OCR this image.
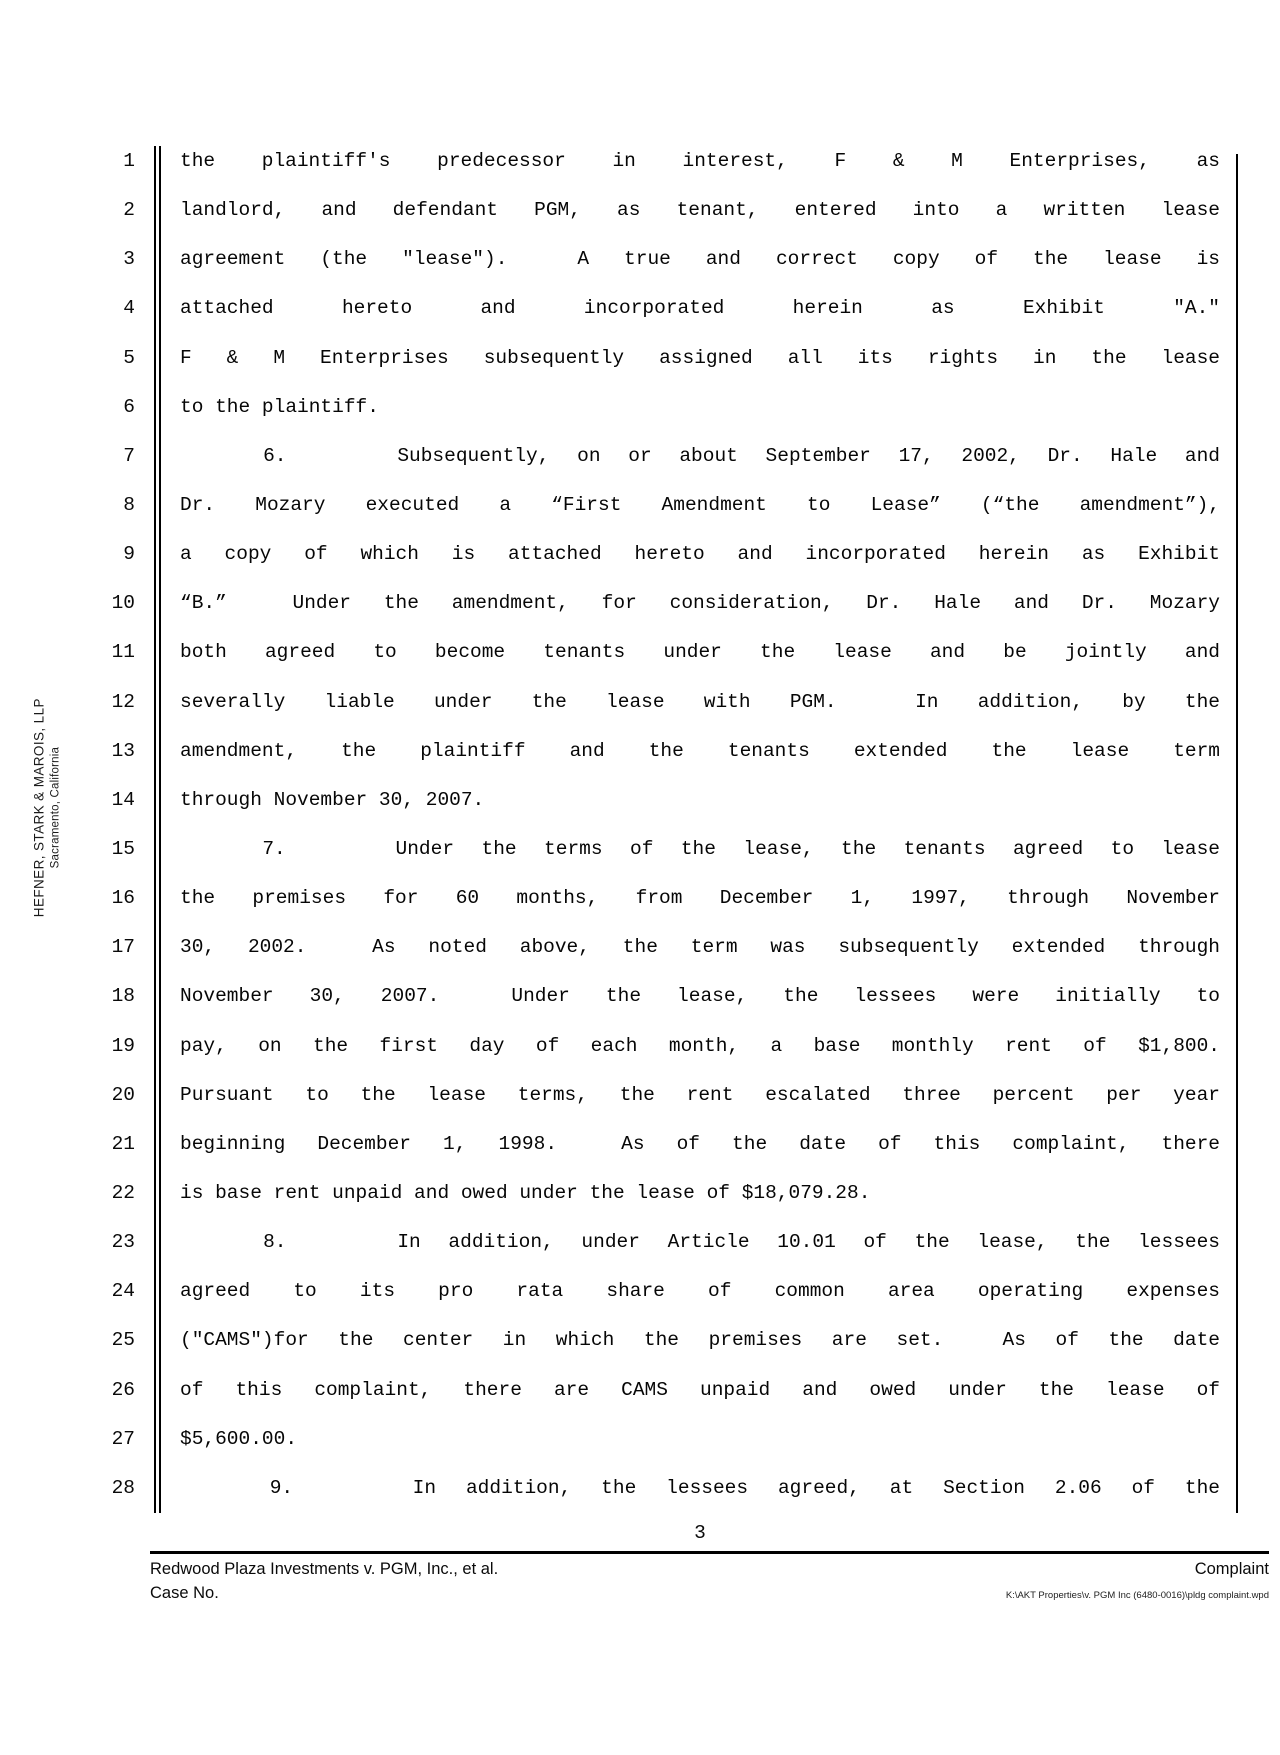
HEFNER, STARK & MAROIS, LLP Sacramento, California
1
2
3
4
5
6
7
8
9
10
11
12
13
14
15
16
17
18
19
20
21
22
23
24
25
26
27
28
the plaintiff's predecessor in interest, F & M Enterprises, as
landlord, and defendant PGM, as tenant, entered into a written lease
agreement (the "lease").  A true and correct copy of the lease is
attached hereto and incorporated herein as Exhibit "A."
F & M Enterprises subsequently assigned all its rights in the lease
to the plaintiff.
6.    Subsequently, on or about September 17, 2002, Dr. Hale and
Dr. Mozary executed a “First Amendment to Lease” (“the amendment”),
a copy of which is attached hereto and incorporated herein as Exhibit
“B.”  Under the amendment, for consideration, Dr. Hale and Dr. Mozary
both agreed to become tenants under the lease and be jointly and
severally liable under the lease with PGM.  In addition, by the
amendment, the plaintiff and the tenants extended the lease term
through November 30, 2007.
7.    Under the terms of the lease, the tenants agreed to lease
the premises for 60 months, from December 1, 1997, through November
30, 2002.  As noted above, the term was subsequently extended through
November 30, 2007.  Under the lease, the lessees were initially to
pay, on the first day of each month, a base monthly rent of $1,800.
Pursuant to the lease terms, the rent escalated three percent per year
beginning December 1, 1998.  As of the date of this complaint, there
is base rent unpaid and owed under the lease of $18,079.28.
8.    In addition, under Article 10.01 of the lease, the lessees
agreed to its pro rata share of common area operating expenses
("CAMS")for the center in which the premises are set.  As of the date
of this complaint, there are CAMS unpaid and owed under the lease of
$5,600.00.
9.    In addition, the lessees agreed, at Section 2.06 of the
3
Redwood Plaza Investments v. PGM, Inc., et al.	Complaint
Case No.	K:\AKT Properties\v. PGM Inc (6480-0016)\pldg complaint.wpd
